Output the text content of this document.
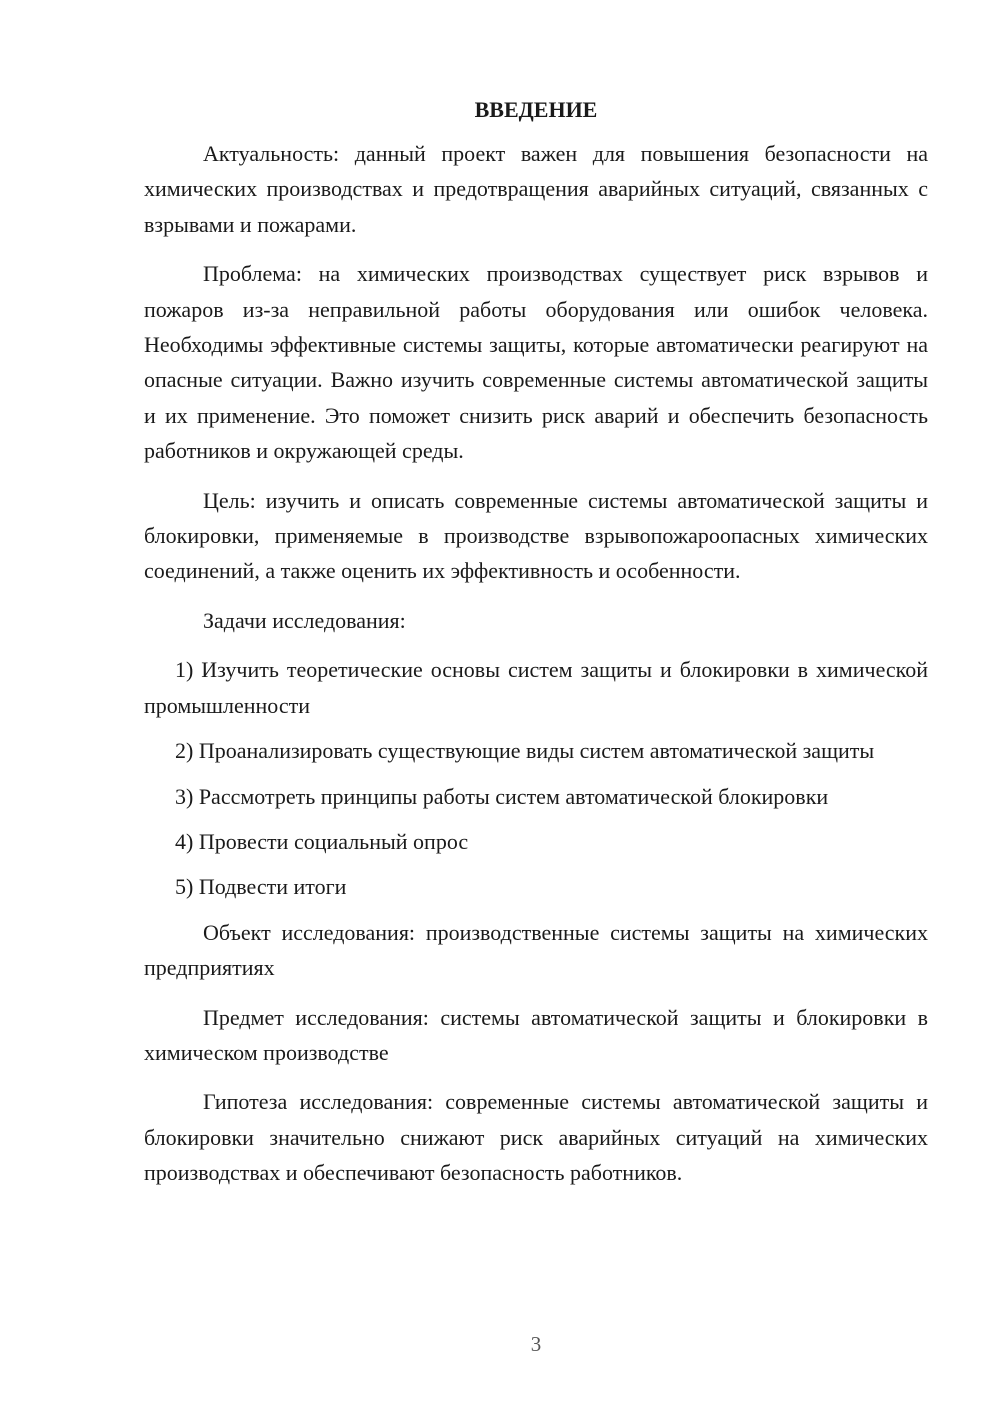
ВВЕДЕНИЕ

Актуальность: данный проект важен для повышения безопасности на химических производствах и предотвращения аварийных ситуаций, связанных с взрывами и пожарами.

Проблема: на химических производствах существует риск взрывов и пожаров из-за неправильной работы оборудования или ошибок человека. Необходимы эффективные системы защиты, которые автоматически реагируют на опасные ситуации. Важно изучить современные системы автоматической защиты и их применение. Это поможет снизить риск аварий и обеспечить безопасность работников и окружающей среды.

Цель: изучить и описать современные системы автоматической защиты и блокировки, применяемые в производстве взрывопожароопасных химических соединений, а также оценить их эффективность и особенности.

Задачи исследования:

1) Изучить теоретические основы систем защиты и блокировки в химической промышленности

2) Проанализировать существующие виды систем автоматической защиты

3) Рассмотреть принципы работы систем автоматической блокировки

4) Провести социальный опрос

5) Подвести итоги

Объект исследования: производственные системы защиты на химических предприятиях

Предмет исследования: системы автоматической защиты и блокировки в химическом производстве

Гипотеза исследования: современные системы автоматической защиты и блокировки значительно снижают риск аварийных ситуаций на химических производствах и обеспечивают безопасность работников.

3
